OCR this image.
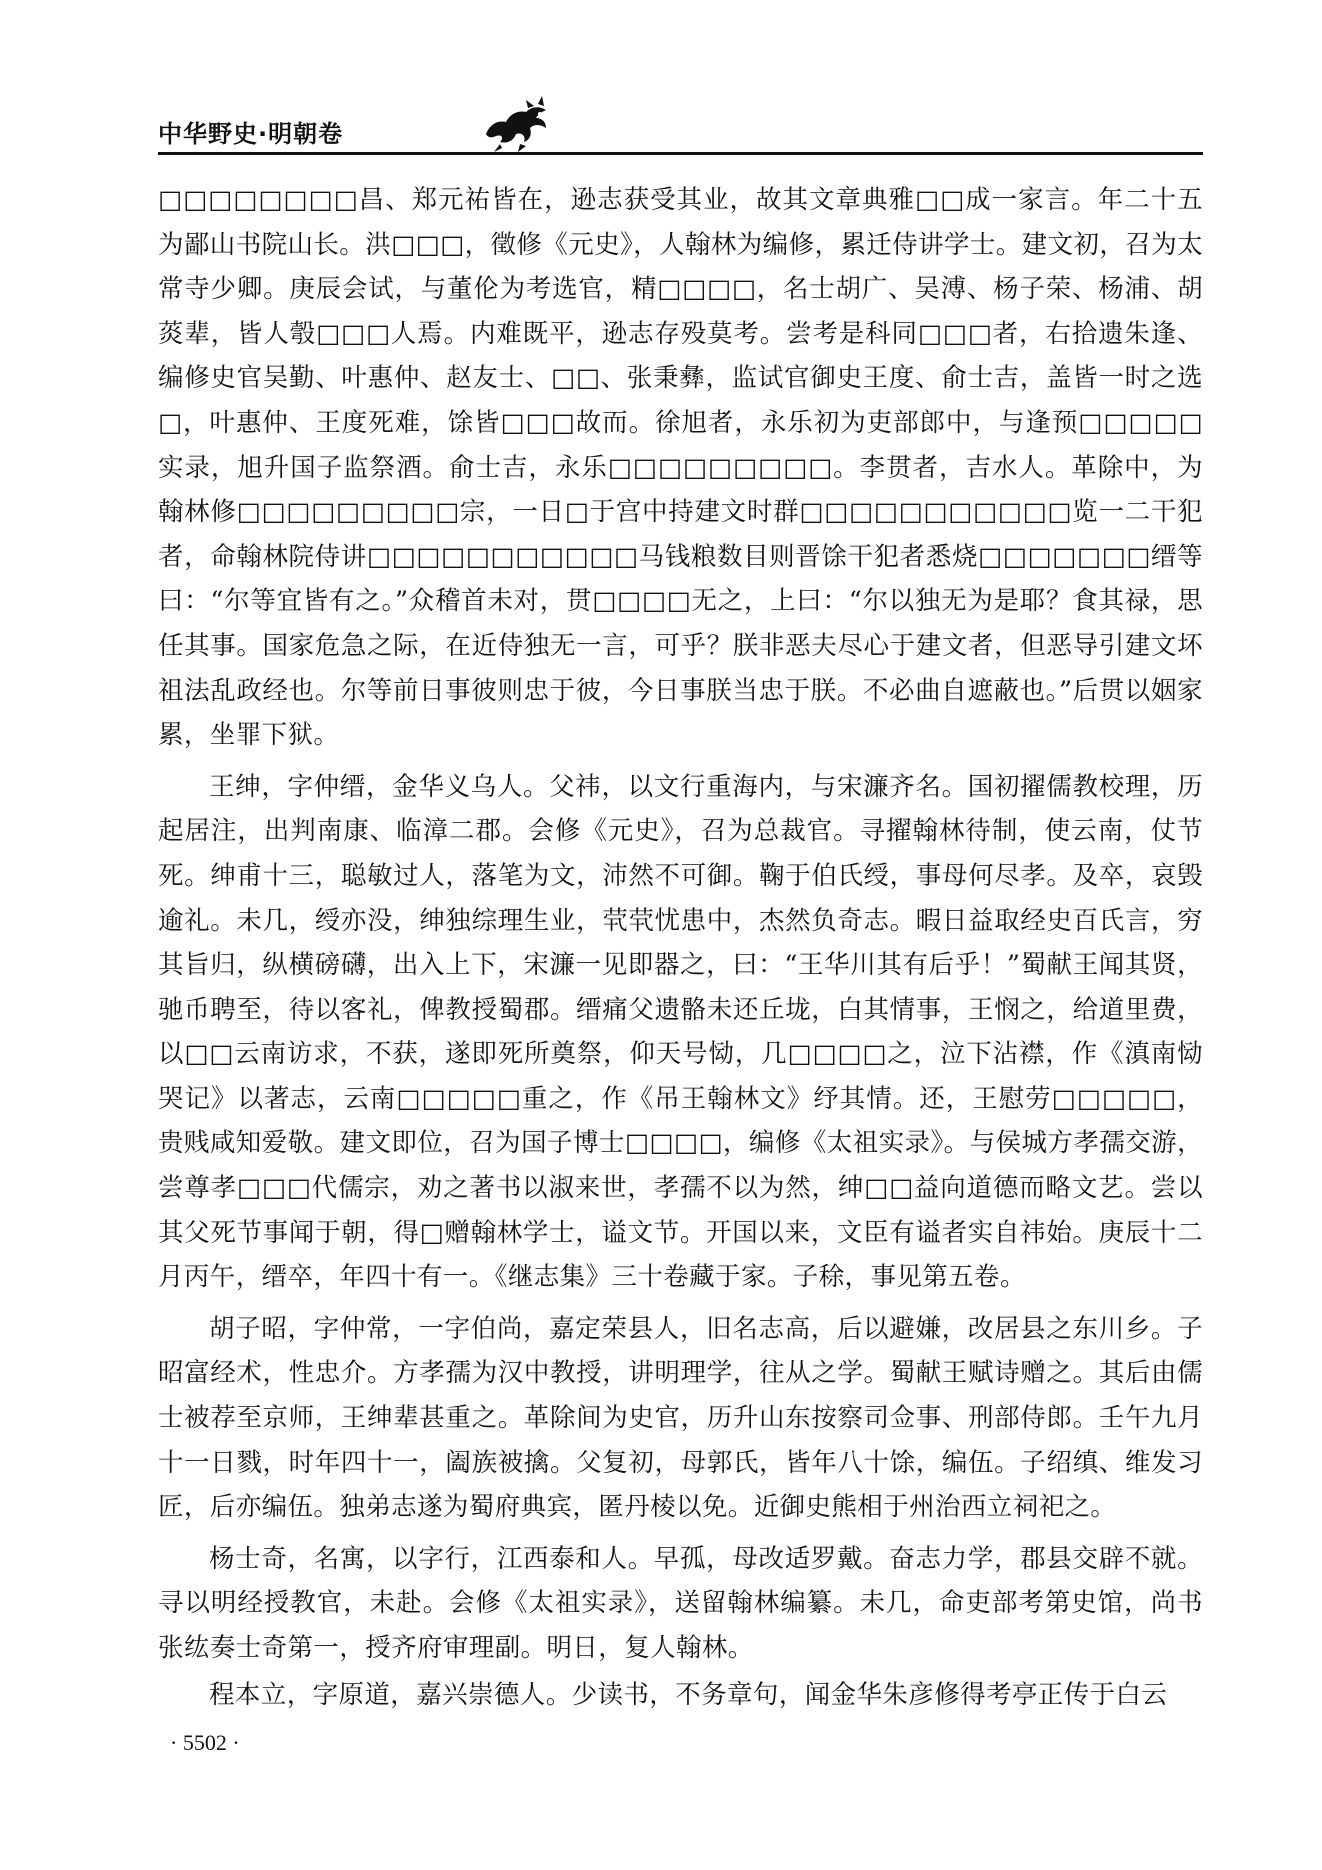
中华野史·明朝卷

□□□□□□□□昌、郑元祐皆在，逊志获受其业，故其文章典雅□□成一家言。年二十五为鄙山书院山长。洪□□□，徵修《元史》，人翰林为编修，累迁侍讲学士。建文初，召为太常寺少卿。庚辰会试，与董伦为考选官，精□□□□，名士胡广、吴溥、杨子荣、杨浦、胡菼辈，皆人彀□□□人焉。内难既平，逊志存殁莫考。尝考是科同□□□者，右拾遗朱逢、编修史官吴勤、叶惠仲、赵友士、□□、张秉彝，监试官御史王度、俞士吉，盖皆一时之选□，叶惠仲、王度死难，馀皆□□□故而。徐旭者，永乐初为吏部郎中，与逢预□□□□□实录，旭升国子监祭酒。俞士吉，永乐□□□□□□□□□。李贯者，吉水人。革除中，为翰林修□□□□□□□□□宗，一日□于宫中持建文时群□□□□□□□□□□□览一二干犯者，命翰林院侍讲□□□□□□□□□□□马钱粮数目则晋馀干犯者悉烧□□□□□□□缙等曰：“尔等宜皆有之。”众稽首未对，贯□□□□无之，上曰：“尔以独无为是耶？食其禄，思任其事。国家危急之际，在近侍独无一言，可乎？朕非恶夫尽心于建文者，但恶导引建文坏祖法乱政经也。尔等前日事彼则忠于彼，今日事朕当忠于朕。不必曲自遮蔽也。”后贯以姻家累，坐罪下狱。

王绅，字仲缙，金华义乌人。父祎，以文行重海内，与宋濂齐名。国初擢儒教校理，历起居注，出判南康、临漳二郡。会修《元史》，召为总裁官。寻擢翰林待制，使云南，仗节死。绅甫十三，聪敏过人，落笔为文，沛然不可御。鞠于伯氏绶，事母何尽孝。及卒，哀毁逾礼。未几，绶亦没，绅独综理生业，茕茕忧患中，杰然负奇志。暇日益取经史百氏言，穷其旨归，纵横磅礴，出入上下，宋濂一见即器之，曰：“王华川其有后乎！”蜀献王闻其贤，驰币聘至，待以客礼，俾教授蜀郡。缙痛父遗骼未还丘垅，白其情事，王悯之，给道里费，以□□云南访求，不获，遂即死所奠祭，仰天号恸，几□□□□之，泣下沾襟，作《滇南恸哭记》以著志，云南□□□□□重之，作《吊王翰林文》纾其情。还，王慰劳□□□□□，贵贱咸知爱敬。建文即位，召为国子博士□□□□，编修《太祖实录》。与侯城方孝孺交游，尝尊孝□□□代儒宗，劝之著书以淑来世，孝孺不以为然，绅□□益向道德而略文艺。尝以其父死节事闻于朝，得□赠翰林学士，谥文节。开国以来，文臣有谥者实自祎始。庚辰十二月丙午，缙卒，年四十有一。《继志集》三十卷藏于家。子稌，事见第五卷。

胡子昭，字仲常，一字伯尚，嘉定荣县人，旧名志高，后以避嫌，改居县之东川乡。子昭富经术，性忠介。方孝孺为汉中教授，讲明理学，往从之学。蜀献王赋诗赠之。其后由儒士被荐至京师，王绅辈甚重之。革除间为史官，历升山东按察司佥事、刑部侍郎。壬午九月十一日戮，时年四十一，阖族被擒。父复初，母郭氏，皆年八十馀，编伍。子绍缜、维发习匠，后亦编伍。独弟志遂为蜀府典宾，匿丹棱以免。近御史熊相于州治西立祠祀之。

杨士奇，名寓，以字行，江西泰和人。早孤，母改适罗戴。奋志力学，郡县交辟不就。寻以明经授教官，未赴。会修《太祖实录》，送留翰林编纂。未几，命吏部考第史馆，尚书张纮奏士奇第一，授齐府审理副。明日，复人翰林。

程本立，字原道，嘉兴崇德人。少读书，不务章句，闻金华朱彦修得考亭正传于白云

· 5502 ·
